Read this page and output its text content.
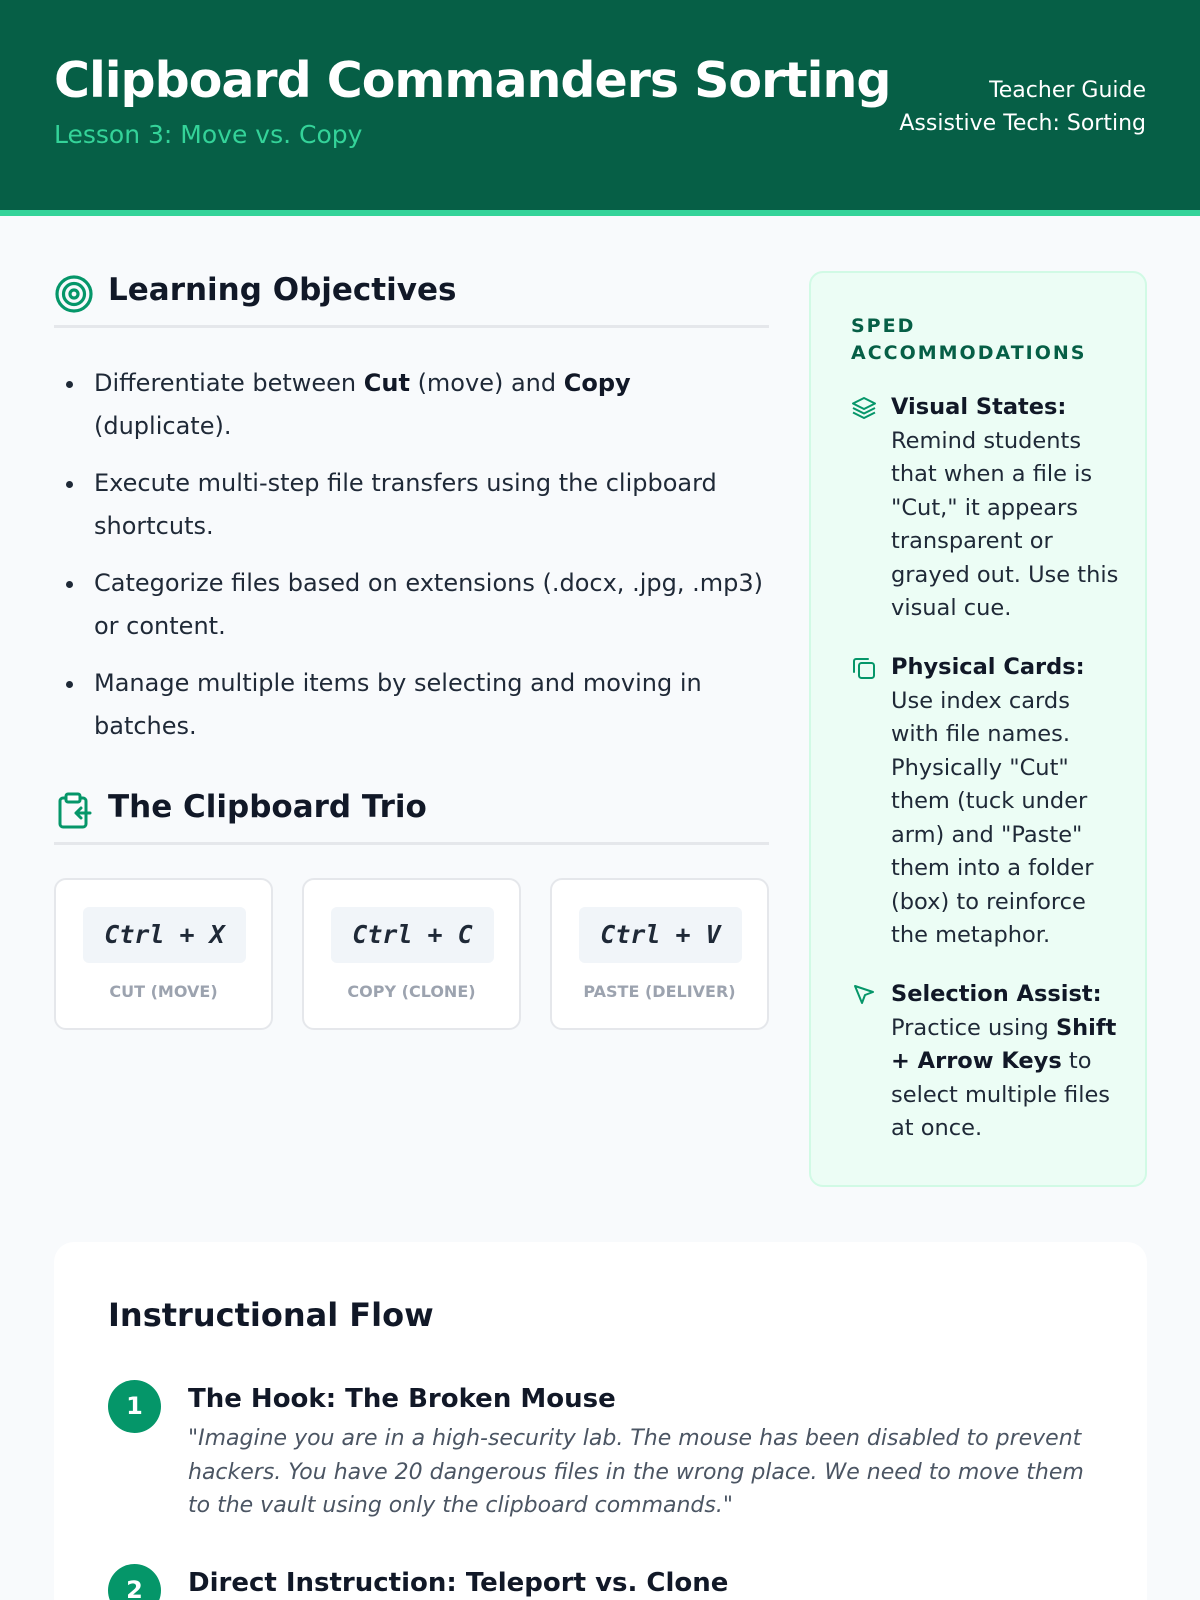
Clipboard Commanders Sorting
Lesson 3: Move vs. Copy
Teacher Guide
Assistive Tech: Sorting
Learning Objectives
Differentiate between Cut (move) and Copy (duplicate).
Execute multi-step file transfers using the clipboard shortcuts.
Categorize files based on extensions (.docx, .jpg, .mp3) or content.
Manage multiple items by selecting and moving in batches.
The Clipboard Trio
Ctrl + X
CUT (MOVE)
Ctrl + C
COPY (CLONE)
Ctrl + V
PASTE (DELIVER)
SPED ACCOMMODATIONS
Visual States: Remind students that when a file is "Cut," it appears transparent or grayed out. Use this visual cue.
Physical Cards: Use index cards with file names. Physically "Cut" them (tuck under arm) and "Paste" them into a folder (box) to reinforce the metaphor.
Selection Assist: Practice using Shift + Arrow Keys to select multiple files at once.
Instructional Flow
1	The Hook: The Broken Mouse
"Imagine you are in a high-security lab. The mouse has been disabled to prevent hackers. You have 20 dangerous files in the wrong place. We need to move them to the vault using only the clipboard commands."
2	Direct Instruction: Teleport vs. Clone
